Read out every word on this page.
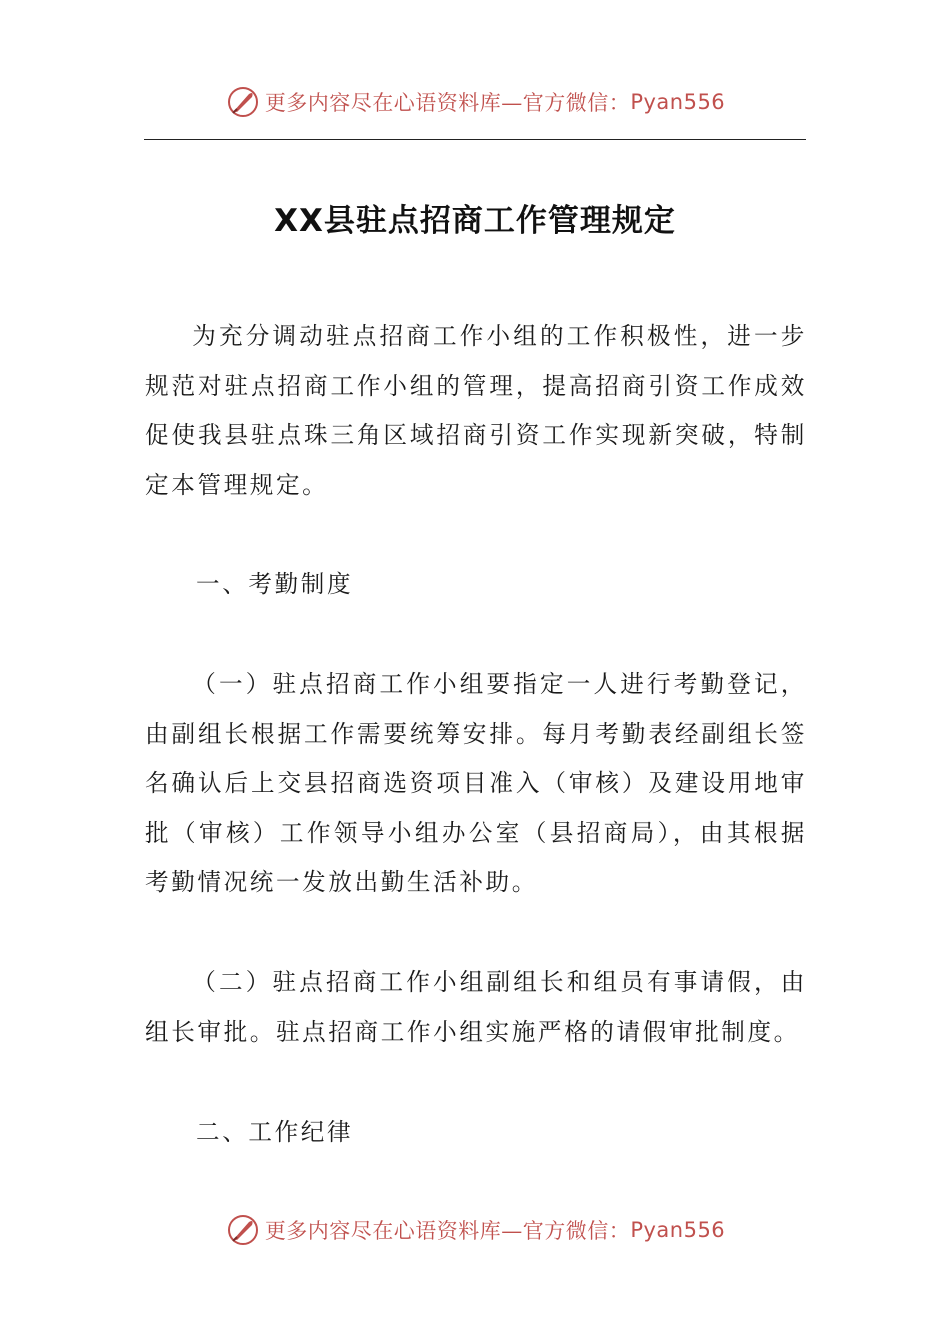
更多内容尽在心语资料库—官方微信： Pyan556
XX县驻点招商工作管理规定

为充分调动驻点招商工作小组的工作积极性，进一步规范对驻点招商工作小组的管理，提高招商引资工作成效促使我县驻点珠三角区域招商引资工作实现新突破，特制定本管理规定。

一、考勤制度

（一）驻点招商工作小组要指定一人进行考勤登记，由副组长根据工作需要统筹安排。每月考勤表经副组长签名确认后上交县招商选资项目准入（审核）及建设用地审批（审核）工作领导小组办公室（县招商局），由其根据考勤情况统一发放出勤生活补助。

（二）驻点招商工作小组副组长和组员有事请假，由组长审批。驻点招商工作小组实施严格的请假审批制度。

二、工作纪律

更多内容尽在心语资料库—官方微信： Pyan556
